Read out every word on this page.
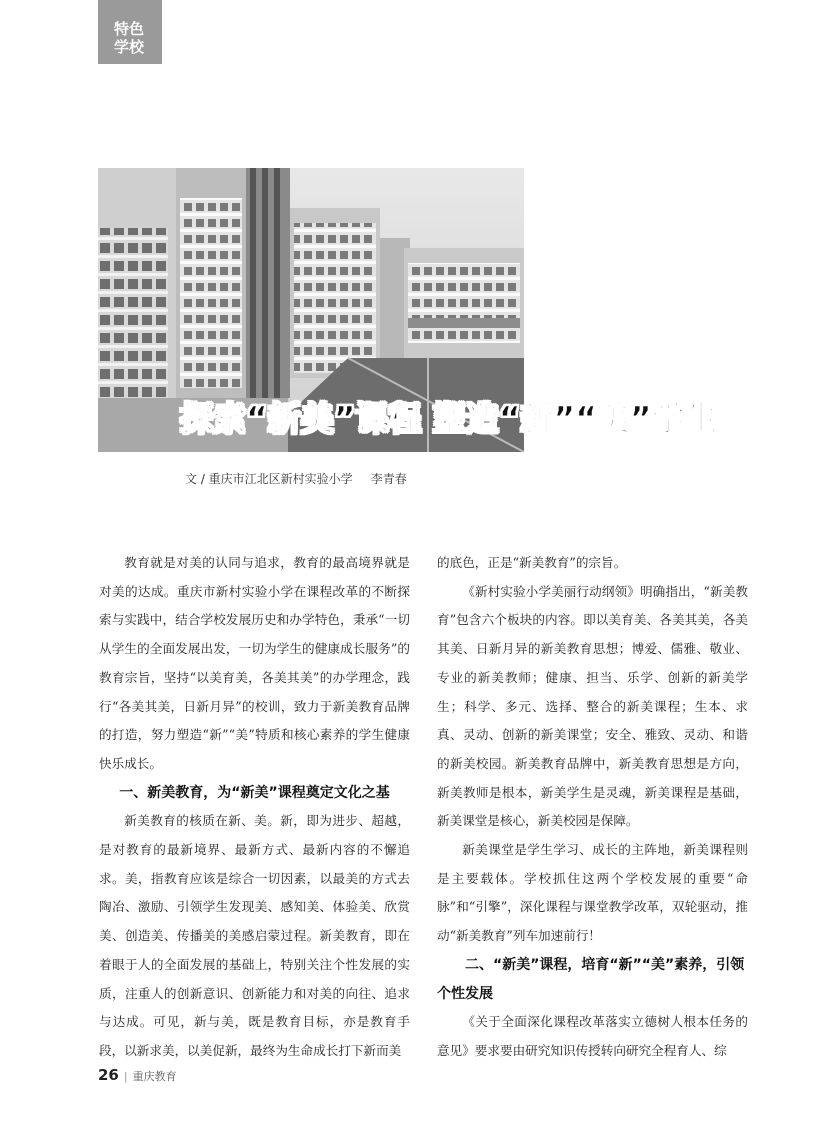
特色
学校
探索“新美”课程 塑造“新”“美”学生
文 / 重庆市江北区新村实验小学 李青春

教育就是对美的认同与追求，教育的最高境界就是对美的达成。重庆市新村实验小学在课程改革的不断探索与实践中，结合学校发展历史和办学特色，秉承“一切从学生的全面发展出发，一切为学生的健康成长服务”的教育宗旨，坚持“以美育美，各美其美”的办学理念，践行“各美其美，日新月异”的校训，致力于新美教育品牌的打造，努力塑造“新”“美”特质和核心素养的学生健康快乐成长。

一、新美教育，为“新美”课程奠定文化之基

新美教育的核质在新、美。新，即为进步、超越，是对教育的最新境界、最新方式、最新内容的不懈追求。美，指教育应该是综合一切因素，以最美的方式去陶冶、激励、引领学生发现美、感知美、体验美、欣赏美、创造美、传播美的美感启蒙过程。新美教育，即在着眼于人的全面发展的基础上，特别关注个性发展的实质，注重人的创新意识、创新能力和对美的向往、追求与达成。可见，新与美，既是教育目标，亦是教育手段，以新求美，以美促新，最终为生命成长打下新而美

的底色，正是“新美教育”的宗旨。

《新村实验小学美丽行动纲领》明确指出，“新美教育”包含六个板块的内容。即以美育美、各美其美，各美其美、日新月异的新美教育思想；博爱、儒雅、敬业、专业的新美教师；健康、担当、乐学、创新的新美学生；科学、多元、选择、整合的新美课程；生本、求真、灵动、创新的新美课堂；安全、雅致、灵动、和谐的新美校园。新美教育品牌中，新美教育思想是方向，新美教师是根本，新美学生是灵魂，新美课程是基础，新美课堂是核心，新美校园是保障。

新美课堂是学生学习、成长的主阵地，新美课程则是主要载体。学校抓住这两个学校发展的重要“命脉”和“引擎”，深化课程与课堂教学改革，双轮驱动，推动“新美教育”列车加速前行！

二、“新美”课程，培育“新”“美”素养，引领个性发展

《关于全面深化课程改革落实立德树人根本任务的意见》要求要由研究知识传授转向研究全程育人、综

26 | 重庆教育
